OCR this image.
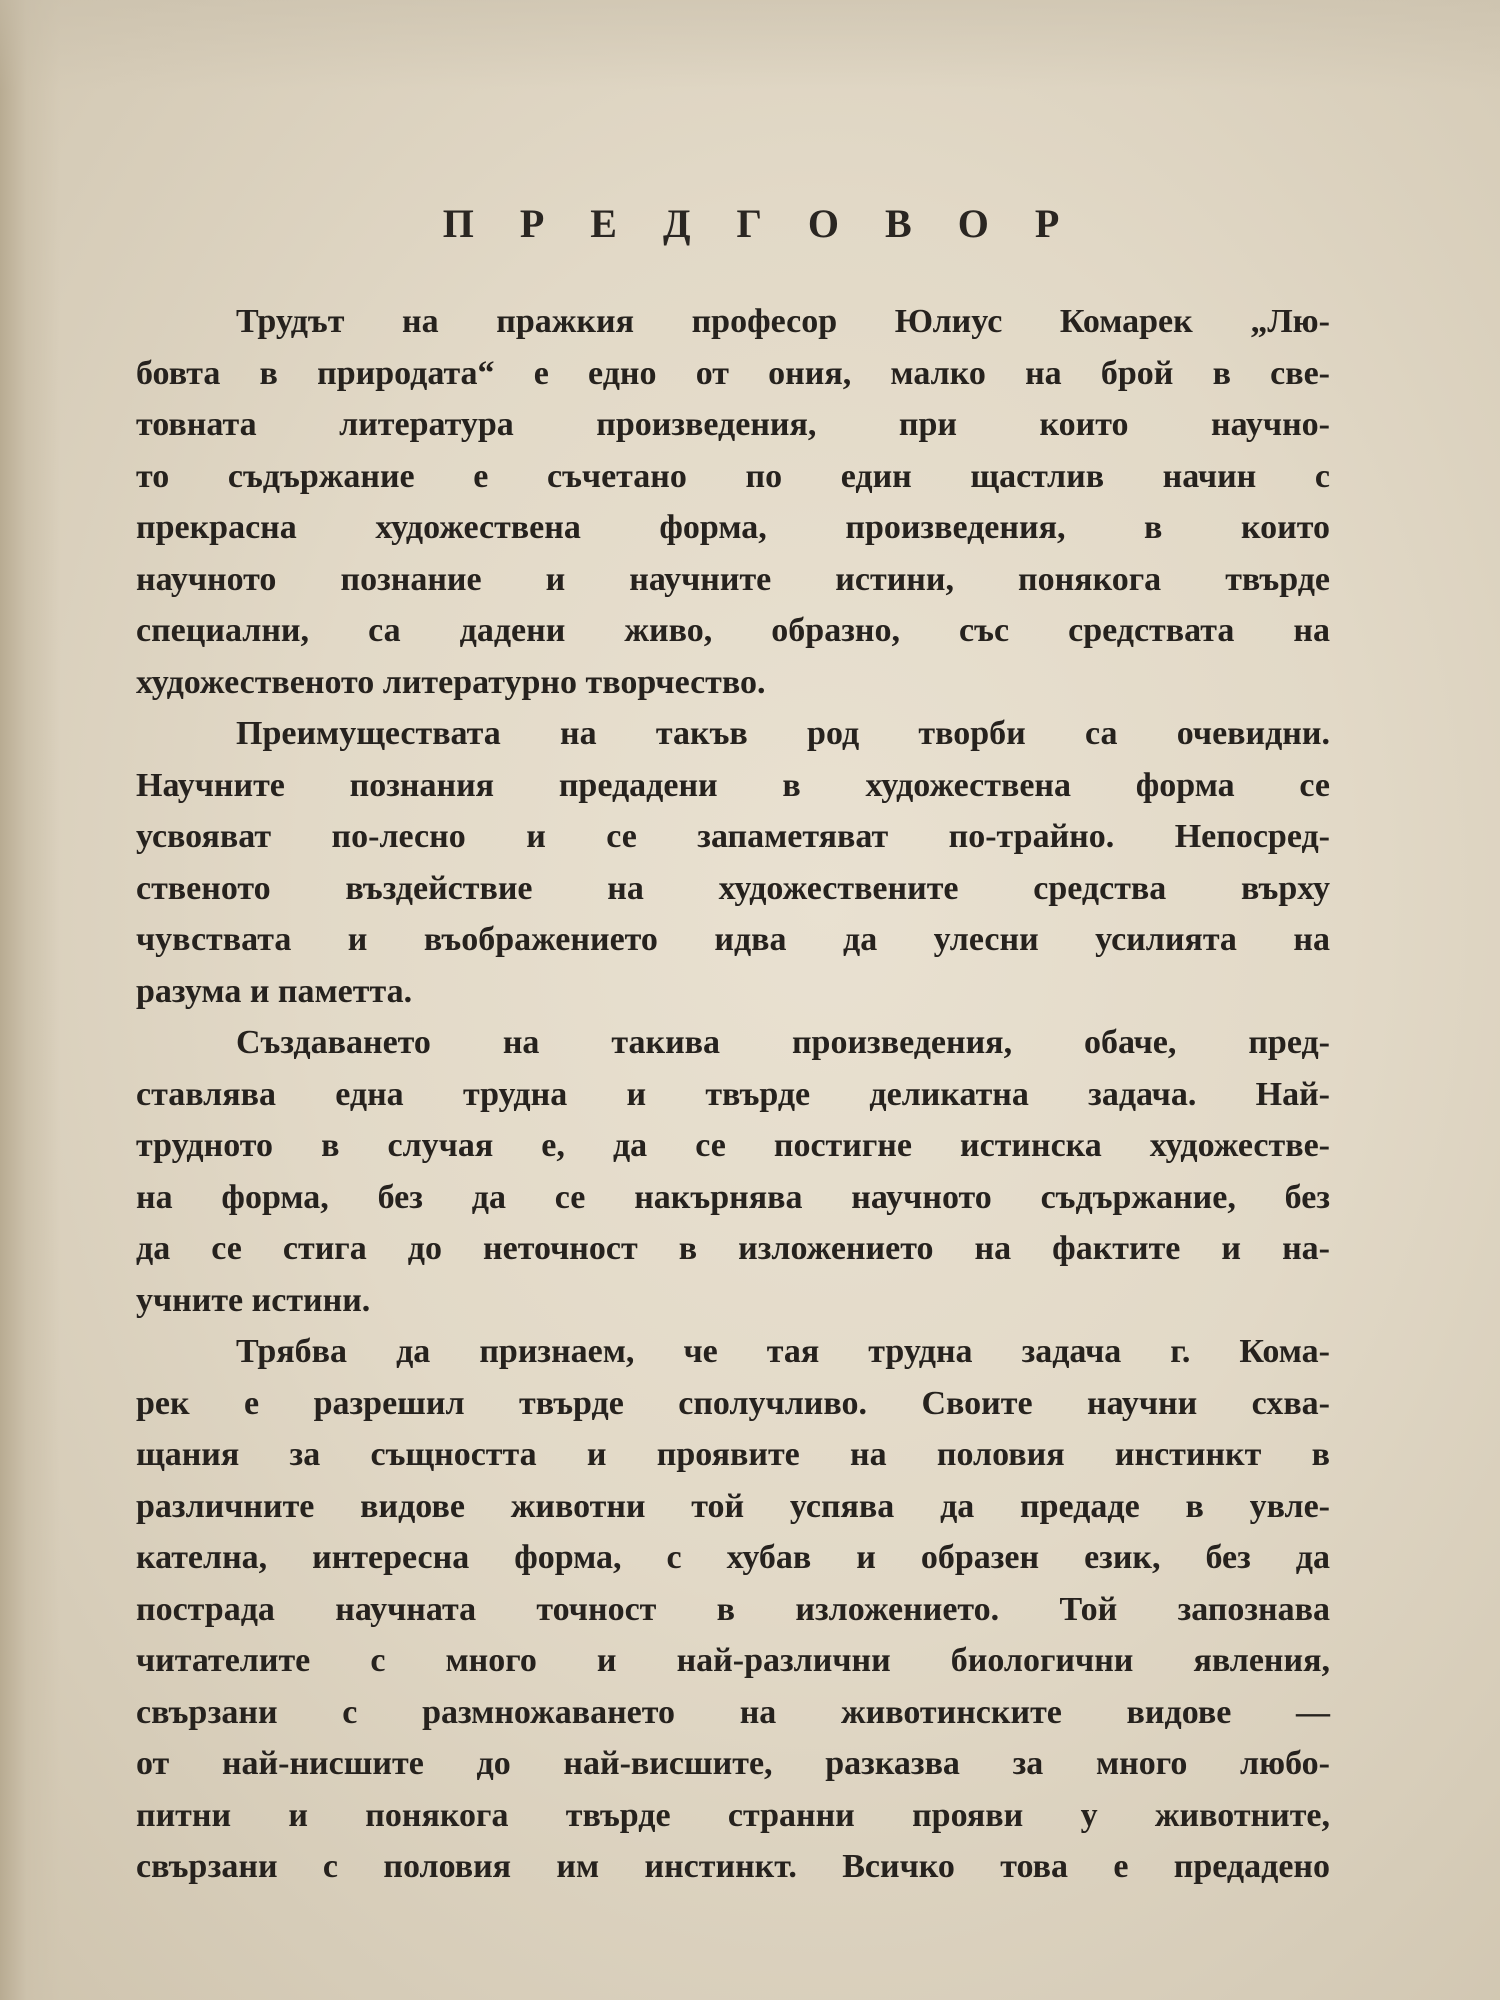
П Р Е Д Г О В О Р
Трудът на пражкия професор Юлиус Комарек „Лю-
бовта в природата“ е едно от ония, малко на брой в све-
товната литература произведения, при които научно-
то съдържание е съчетано по един щастлив начин с
прекрасна художествена форма, произведения, в които
научното познание и научните истини, понякога твърде
специални, са дадени живо, образно, със средствата на
художественото литературно творчество.
Преимуществата на такъв род творби са очевидни.
Научните познания предадени в художествена форма се
усвояват по-лесно и се запаметяват по-трайно. Непосред-
ственото въздействие на художествените средства върху
чувствата и въображението идва да улесни усилията на
разума и паметта.
Създаването на такива произведения, обаче, пред-
ставлява една трудна и твърде деликатна задача. Най-
трудното в случая е, да се постигне истинска художестве-
на форма, без да се накърнява научното съдържание, без
да се стига до неточност в изложението на фактите и на-
учните истини.
Трябва да признаем, че тая трудна задача г. Кома-
рек е разрешил твърде сполучливо. Своите научни схва-
щания за същността и проявите на половия инстинкт в
различните видове животни той успява да предаде в увле-
кателна, интересна форма, с хубав и образен език, без да
пострада научната точност в изложението. Той запознава
читателите с много и най-различни биологични явления,
свързани с размножаването на животинските видове —
от най-нисшите до най-висшите, разказва за много любо-
питни и понякога твърде странни прояви у животните,
свързани с половия им инстинкт. Всичко това е предадено
